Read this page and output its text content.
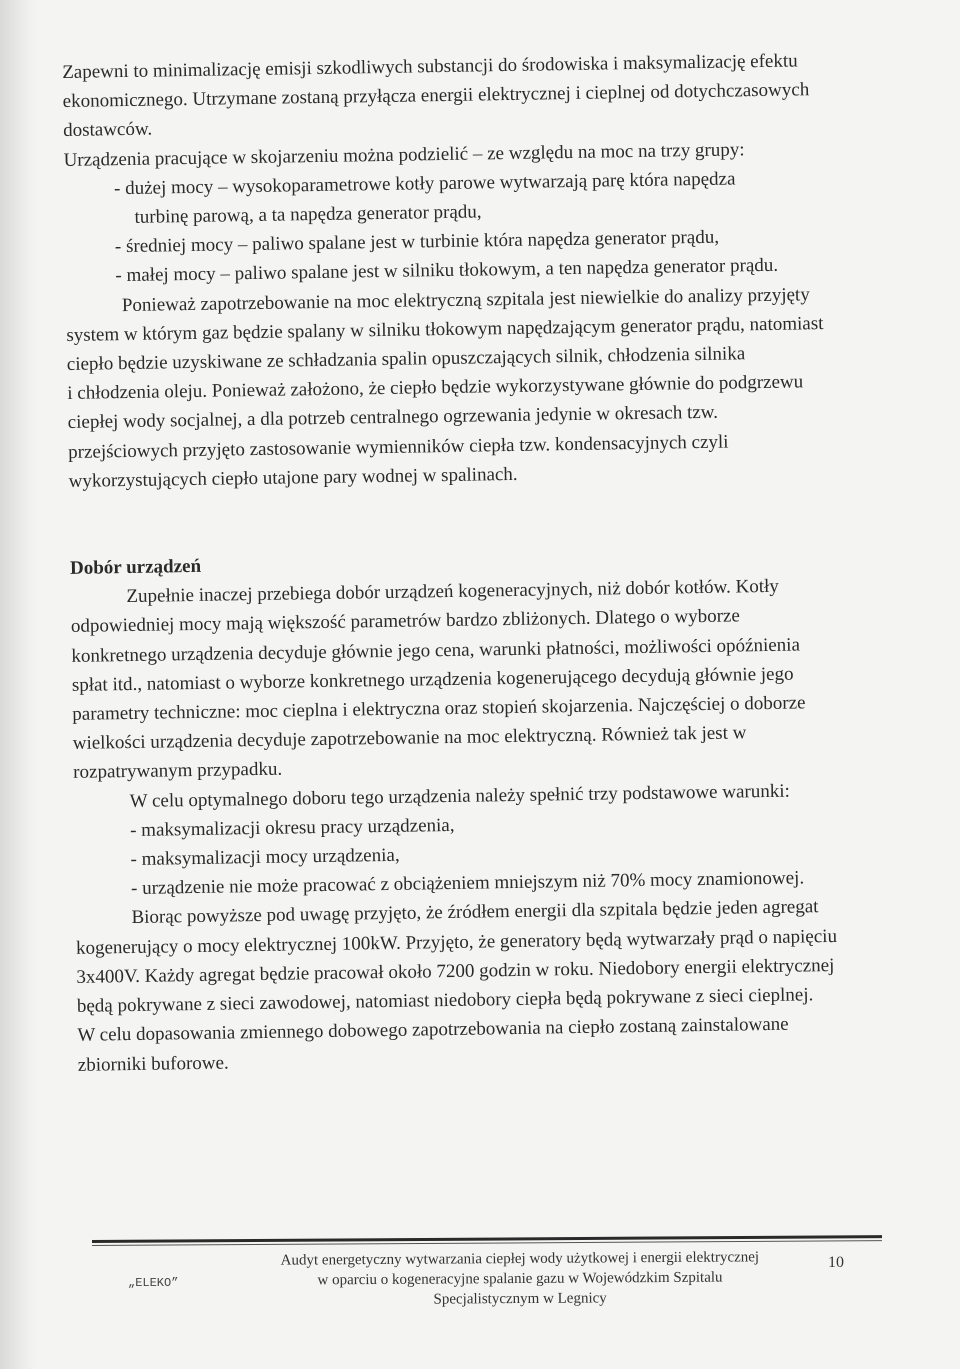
Zapewni to minimalizację emisji szkodliwych substancji do środowiska i maksymalizację efektu

ekonomicznego. Utrzymane zostaną przyłącza energii elektrycznej i cieplnej od dotychczasowych

dostawców.

Urządzenia pracujące w skojarzeniu można podzielić – ze względu na moc na trzy grupy:

- dużej mocy – wysokoparametrowe kotły parowe wytwarzają parę która napędza

turbinę parową, a ta napędza generator prądu,

- średniej mocy – paliwo spalane jest w turbinie która napędza generator prądu,

- małej mocy – paliwo spalane jest w silniku tłokowym, a ten napędza generator prądu.

Ponieważ zapotrzebowanie na moc elektryczną szpitala jest niewielkie do analizy przyjęty

system w którym gaz będzie spalany w silniku tłokowym napędzającym generator prądu, natomiast

ciepło będzie uzyskiwane ze schładzania spalin opuszczających silnik, chłodzenia silnika

i chłodzenia oleju. Ponieważ założono, że ciepło będzie wykorzystywane głównie do podgrzewu

ciepłej wody socjalnej, a dla potrzeb centralnego ogrzewania jedynie w okresach tzw.

przejściowych przyjęto zastosowanie wymienników ciepła tzw. kondensacyjnych czyli

wykorzystujących ciepło utajone pary wodnej w spalinach.

Dobór urządzeń

Zupełnie inaczej przebiega dobór urządzeń kogeneracyjnych, niż dobór kotłów. Kotły

odpowiedniej mocy mają większość parametrów bardzo zbliżonych. Dlatego o wyborze

konkretnego urządzenia decyduje głównie jego cena, warunki płatności, możliwości opóźnienia

spłat itd., natomiast o wyborze konkretnego urządzenia kogenerującego decydują głównie jego

parametry techniczne: moc cieplna i elektryczna oraz stopień skojarzenia. Najczęściej o doborze

wielkości urządzenia decyduje zapotrzebowanie na moc elektryczną. Również tak jest w

rozpatrywanym przypadku.

W celu optymalnego doboru tego urządzenia należy spełnić trzy podstawowe warunki:

- maksymalizacji okresu pracy urządzenia,

- maksymalizacji mocy urządzenia,

- urządzenie nie może pracować z obciążeniem mniejszym niż 70% mocy znamionowej.

Biorąc powyższe pod uwagę przyjęto, że źródłem energii dla szpitala będzie jeden agregat

kogenerujący o mocy elektrycznej 100kW. Przyjęto, że generatory będą wytwarzały prąd o napięciu

3x400V. Każdy agregat będzie pracował około 7200 godzin w roku. Niedobory energii elektrycznej

będą pokrywane z sieci zawodowej, natomiast niedobory ciepła będą pokrywane z sieci cieplnej.

W celu dopasowania zmiennego dobowego zapotrzebowania na ciepło zostaną zainstalowane

zbiorniki buforowe.

„ELEKO”
Audyt energetyczny wytwarzania ciepłej wody użytkowej i energii elektrycznej
w oparciu o kogeneracyjne spalanie gazu w Wojewódzkim Szpitalu
Specjalistycznym w Legnicy
10
